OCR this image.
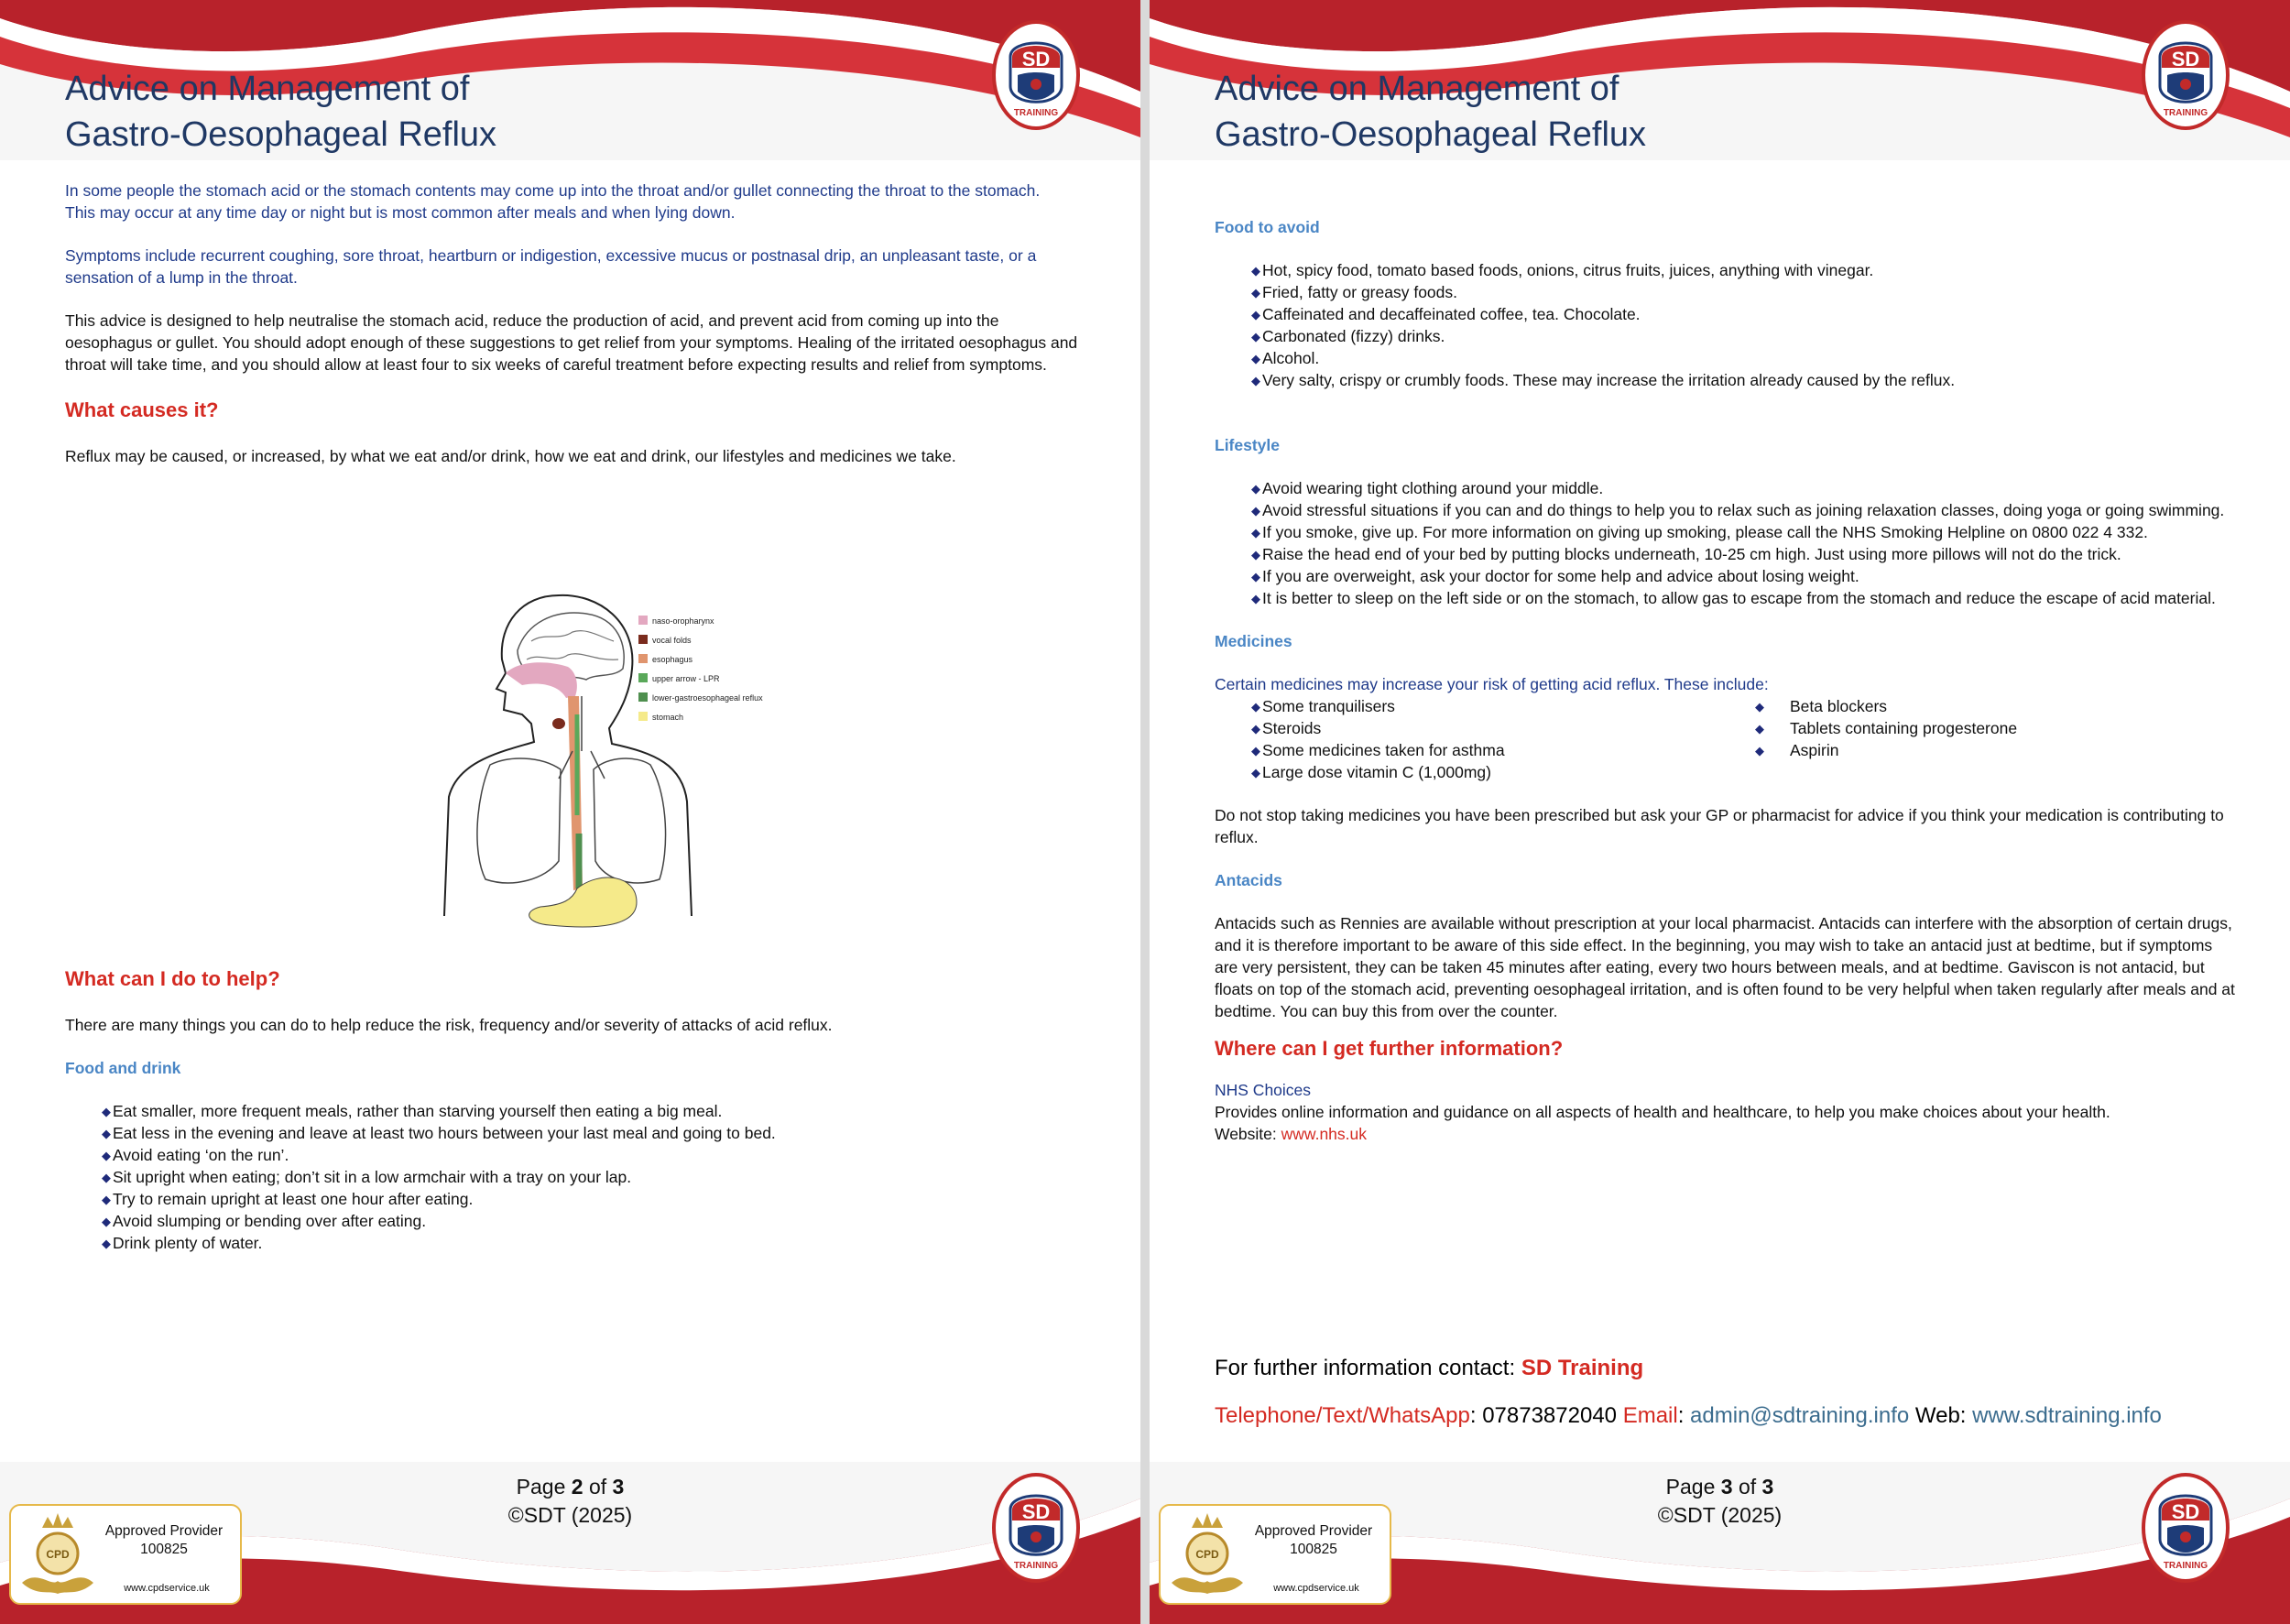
TRAINING
Advice on Management of
Gastro-Oesophageal Reflux
In some people the stomach acid or the stomach contents may come up into the throat and/or gullet connecting the throat to the stomach.
This may occur at any time day or night but is most common after meals and when lying down.
Symptoms include recurrent coughing, sore throat, heartburn or indigestion, excessive mucus or postnasal drip, an unpleasant taste, or a sensation of a lump in the throat.
This advice is designed to help neutralise the stomach acid, reduce the production of acid, and prevent acid from coming up into the oesophagus or gullet. You should adopt enough of these suggestions to get relief from your symptoms. Healing of the irritated oesophagus and throat will take time, and you should allow at least four to six weeks of careful treatment before expecting results and relief from symptoms.
What causes it?
Reflux may be caused, or increased, by what we eat and/or drink, how we eat and drink, our lifestyles and medicines we take.
naso-oropharynx
vocal folds
esophagus
upper arrow - LPR
lower-gastroesophageal reflux
stomach
What can I do to help?
There are many things you can do to help reduce the risk, frequency and/or severity of attacks of acid reflux.
Food and drink
◆ Eat smaller, more frequent meals, rather than starving yourself then eating a big meal.
◆ Eat less in the evening and leave at least two hours between your last meal and going to bed.
◆ Avoid eating ‘on the run’.
◆ Sit upright when eating; don’t sit in a low armchair with a tray on your lap.
◆ Try to remain upright at least one hour after eating.
◆ Avoid slumping or bending over after eating.
◆ Drink plenty of water.
Page 2 of 3
©SDT (2025)
CPD
Approved Provider
100825
www.cpdservice.uk
TRAINING
TRAINING
Advice on Management of
Gastro-Oesophageal Reflux
Food to avoid
◆ Hot, spicy food, tomato based foods, onions, citrus fruits, juices, anything with vinegar.
◆ Fried, fatty or greasy foods.
◆ Caffeinated and decaffeinated coffee, tea. Chocolate.
◆ Carbonated (fizzy) drinks.
◆ Alcohol.
◆ Very salty, crispy or crumbly foods. These may increase the irritation already caused by the reflux.
Lifestyle
◆ Avoid wearing tight clothing around your middle.
◆ Avoid stressful situations if you can and do things to help you to relax such as joining relaxation classes, doing yoga or going swimming.
◆ If you smoke, give up. For more information on giving up smoking, please call the NHS Smoking Helpline on 0800 022 4 332.
◆ Raise the head end of your bed by putting blocks underneath, 10-25 cm high. Just using more pillows will not do the trick.
◆ If you are overweight, ask your doctor for some help and advice about losing weight.
◆ It is better to sleep on the left side or on the stomach, to allow gas to escape from the stomach and reduce the escape of acid material.
Medicines
Certain medicines may increase your risk of getting acid reflux. These include:
◆ Some tranquilisers
◆ Steroids
◆ Some medicines taken for asthma
◆ Large dose vitamin C (1,000mg)
◆ Beta blockers
◆ Tablets containing progesterone
◆ Aspirin
Do not stop taking medicines you have been prescribed but ask your GP or pharmacist for advice if you think your medication is contributing to reflux.
Antacids
Antacids such as Rennies are available without prescription at your local pharmacist. Antacids can interfere with the absorption of certain drugs, and it is therefore important to be aware of this side effect. In the beginning, you may wish to take an antacid just at bedtime, but if symptoms are very persistent, they can be taken 45 minutes after eating, every two hours between meals, and at bedtime. Gaviscon is not antacid, but floats on top of the stomach acid, preventing oesophageal irritation, and is often found to be very helpful when taken regularly after meals and at bedtime. You can buy this from over the counter.
Where can I get further information?
NHS Choices
Provides online information and guidance on all aspects of health and healthcare, to help you make choices about your health.
Website: www.nhs.uk
For further information contact: SD Training
Telephone/Text/WhatsApp: 07873872040 Email: admin@sdtraining.info Web: www.sdtraining.info
Page 3 of 3
©SDT (2025)
CPD
Approved Provider
100825
www.cpdservice.uk
TRAINING
